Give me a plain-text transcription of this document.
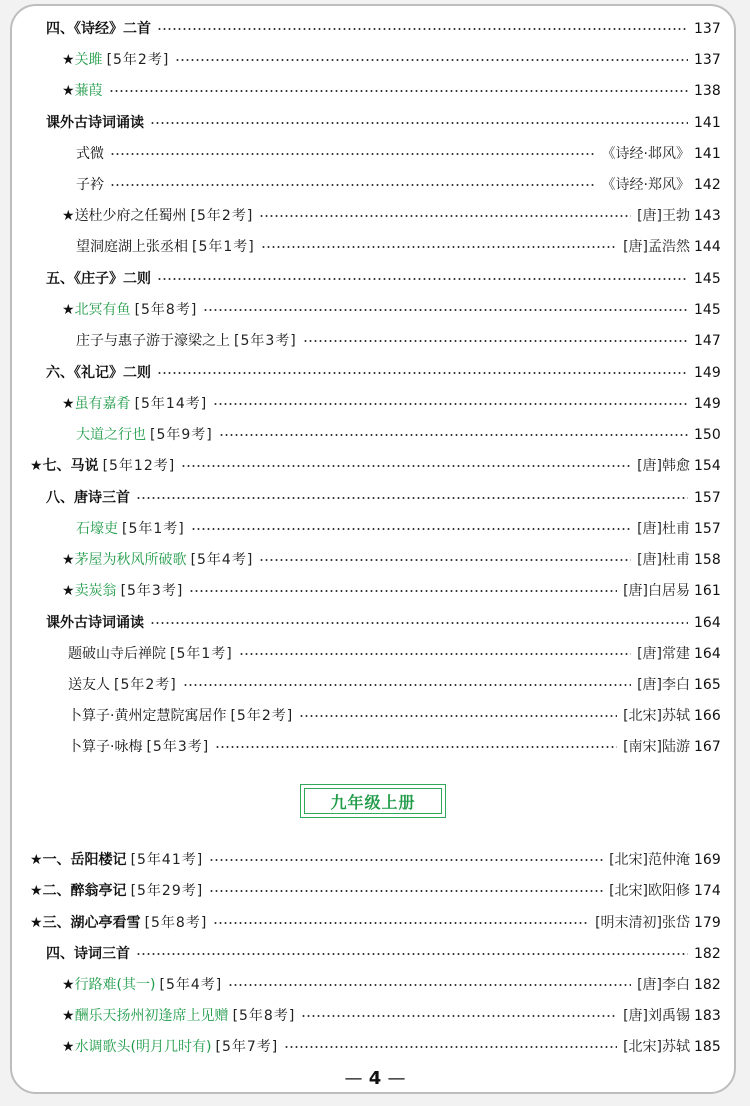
四、《诗经》二首	137
★ 关雎 [5年2考]	137
★ 蒹葭	138
课外古诗词诵读	141
式微	《诗经·邶风》 141
子衿	《诗经·郑风》 142
★ 送杜少府之任蜀州 [5年2考]	[唐]王勃 143
望洞庭湖上张丞相 [5年1考]	[唐]孟浩然 144
五、《庄子》二则	145
★ 北冥有鱼 [5年8考]	145
庄子与惠子游于濠梁之上 [5年3考]	147
六、《礼记》二则	149
★ 虽有嘉肴 [5年14考]	149
大道之行也 [5年9考]	150
★ 七、马说 [5年12考]	[唐]韩愈 154
八、唐诗三首	157
石壕吏 [5年1考]	[唐]杜甫 157
★ 茅屋为秋风所破歌 [5年4考]	[唐]杜甫 158
★ 卖炭翁 [5年3考]	[唐]白居易 161
课外古诗词诵读	164
题破山寺后禅院 [5年1考]	[唐]常建 164
送友人 [5年2考]	[唐]李白 165
卜算子·黄州定慧院寓居作 [5年2考]	[北宋]苏轼 166
卜算子·咏梅 [5年3考]	[南宋]陆游 167
★ 一、岳阳楼记 [5年41考]	[北宋]范仲淹 169
★ 二、醉翁亭记 [5年29考]	[北宋]欧阳修 174
★ 三、湖心亭看雪 [5年8考]	[明末清初]张岱 179
四、诗词三首	182
★ 行路难(其一) [5年4考]	[唐]李白 182
★ 酬乐天扬州初逢席上见赠 [5年8考]	[唐]刘禹锡 183
★ 水调歌头(明月几时有) [5年7考]	[北宋]苏轼 185
九年级上册
— 4 —
